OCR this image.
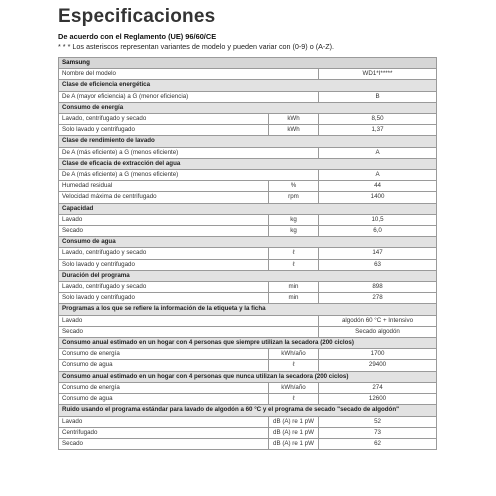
Especificaciones
De acuerdo con el Reglamento (UE) 96/60/CE
* * * Los asteriscos representan variantes de modelo y pueden variar con (0-9) o (A-Z).
Samsung		
Nombre del modelo		WD1*I*****
Clase de eficiencia energética		
De A (mayor eficiencia) a G (menor eficiencia)		B
Consumo de energía		
Lavado, centrifugado y secado	kWh	8,50
Solo lavado y centrifugado	kWh	1,37
Clase de rendimiento de lavado		
De A (más eficiente) a G (menos eficiente)		A
Clase de eficacia de extracción del agua		
De A (más eficiente) a G (menos eficiente)		A
Humedad residual	%	44
Velocidad máxima de centrifugado	rpm	1400
Capacidad		
Lavado	kg	10,5
Secado	kg	6,0
Consumo de agua		
Lavado, centrifugado y secado	ℓ	147
Solo lavado y centrifugado	ℓ	63
Duración del programa		
Lavado, centrifugado y secado	min	898
Solo lavado y centrifugado	min	278
Programas a los que se refiere la información de la etiqueta y la ficha		
Lavado		algodón 60 °C + Intensivo
Secado		Secado algodón
Consumo anual estimado en un hogar con 4 personas que siempre utilizan la secadora (200 ciclos)		
Consumo de energía	kWh/año	1700
Consumo de agua	ℓ	29400
Consumo anual estimado en un hogar con 4 personas que nunca utilizan la secadora (200 ciclos)		
Consumo de energía	kWh/año	274
Consumo de agua	ℓ	12600
Ruido usando el programa estándar para lavado de algodón a 60 °C y el programa de secado "secado de algodón"		
Lavado	dB (A) re 1 pW	52
Centrifugado	dB (A) re 1 pW	73
Secado	dB (A) re 1 pW	62
